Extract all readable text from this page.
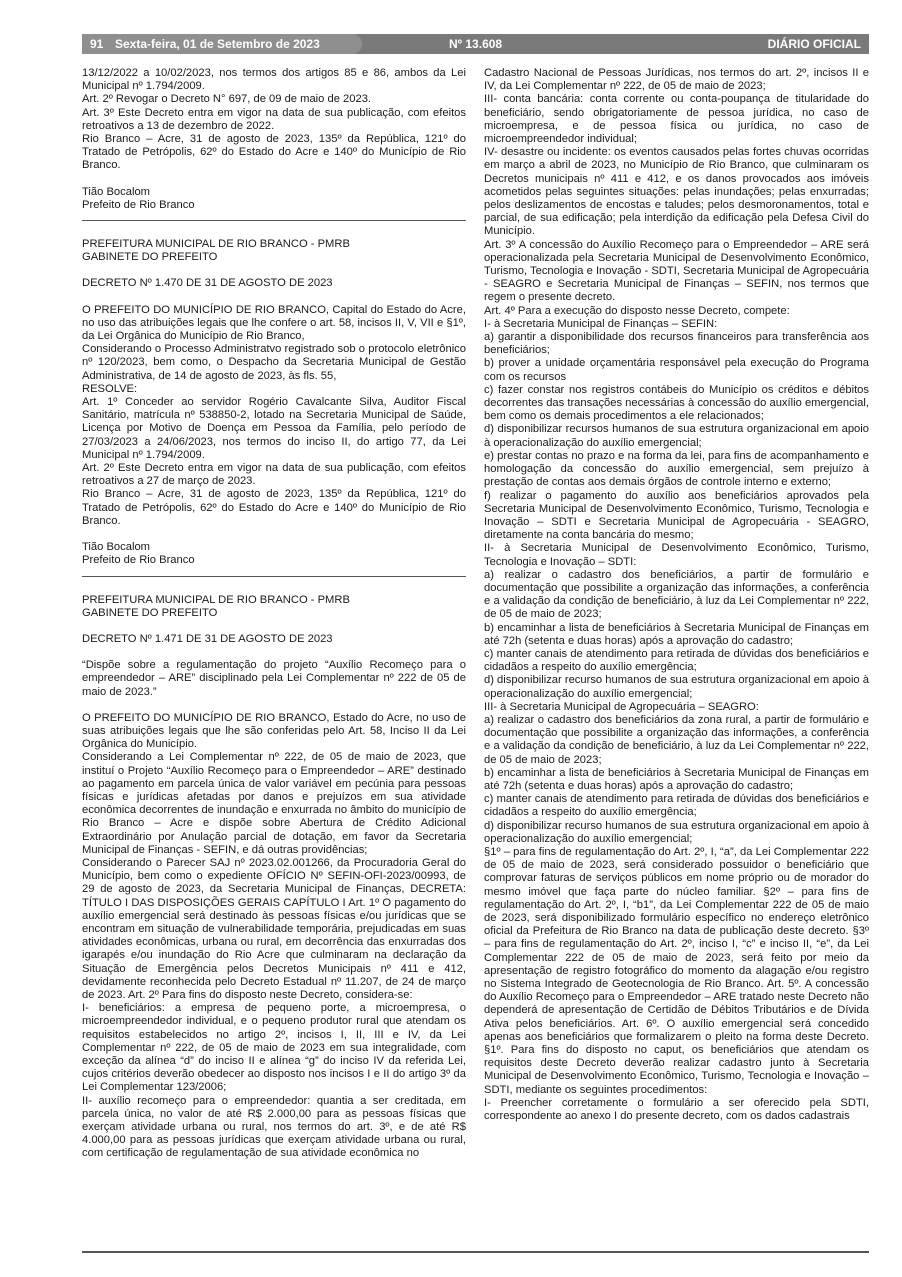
91 Sexta-feira, 01 de Setembro de 2023	Nº 13.608	DIÁRIO OFICIAL

13/12/2022 a 10/02/2023, nos termos dos artigos 85 e 86, ambos da Lei Municipal nº 1.794/2009.

Art. 2º Revogar o Decreto N° 697, de 09 de maio de 2023.

Art. 3º Este Decreto entra em vigor na data de sua publicação, com efeitos retroativos a 13 de dezembro de 2022.

Rio Branco – Acre, 31 de agosto de 2023, 135º da República, 121º do Tratado de Petrópolis, 62º do Estado do Acre e 140º do Município de Rio Branco.

Tião Bocalom

Prefeito de Rio Branco

PREFEITURA MUNICIPAL DE RIO BRANCO - PMRB

GABINETE DO PREFEITO

DECRETO Nº 1.470 DE 31 DE AGOSTO DE 2023

O PREFEITO DO MUNICÍPIO DE RIO BRANCO, Capital do Estado do Acre, no uso das atribuições legais que lhe confere o art. 58, incisos II, V, VII e §1º, da Lei Orgânica do Município de Rio Branco,

Considerando o Processo Administratvo registrado sob o protocolo eletrônico nº 120/2023, bem como, o Despacho da Secretaria Municipal de Gestão Administrativa, de 14 de agosto de 2023, às fls. 55,

RESOLVE:

Art. 1º Conceder ao servidor Rogério Cavalcante Silva, Auditor Fiscal Sanitário, matrícula nº 538850-2, lotado na Secretaria Municipal de Saúde, Licença por Motivo de Doença em Pessoa da Família, pelo período de 27/03/2023 a 24/06/2023, nos termos do inciso II, do artigo 77, da Lei Municipal nº 1.794/2009.

Art. 2º Este Decreto entra em vigor na data de sua publicação, com efeitos retroativos a 27 de março de 2023.

Rio Branco – Acre, 31 de agosto de 2023, 135º da República, 121º do Tratado de Petrópolis, 62º do Estado do Acre e 140º do Município de Rio Branco.

Tião Bocalom

Prefeito de Rio Branco

PREFEITURA MUNICIPAL DE RIO BRANCO - PMRB

GABINETE DO PREFEITO

DECRETO Nº 1.471 DE 31 DE AGOSTO DE 2023

“Dispõe sobre a regulamentação do projeto “Auxílio Recomeço para o empreendedor – ARE” disciplinado pela Lei Complementar nº 222 de 05 de maio de 2023.”

O PREFEITO DO MUNICÍPIO DE RIO BRANCO, Estado do Acre, no uso de suas atribuições legais que lhe são conferidas pelo Art. 58, Inciso II da Lei Orgânica do Município.

Considerando a Lei Complementar nº 222, de 05 de maio de 2023, que instituí o Projeto “Auxílio Recomeço para o Empreendedor – ARE” destinado ao pagamento em parcela única de valor variável em pecúnia para pessoas físicas e jurídicas afetadas por danos e prejuízos em sua atividade econômica decorrentes de inundação e enxurrada no âmbito do município de Rio Branco – Acre e dispõe sobre Abertura de Crédito Adicional Extraordinário por Anulação parcial de dotação, em favor da Secretaria Municipal de Finanças - SEFIN, e dá outras providências;

Considerando o Parecer SAJ nº 2023.02.001266, da Procuradoria Geral do Município, bem como o expediente OFÍCIO Nº SEFIN-OFI-2023/00993, de 29 de agosto de 2023, da Secretaria Municipal de Finanças, DECRETA: TÍTULO I DAS DISPOSIÇÕES GERAIS CAPÍTULO I Art. 1º O pagamento do auxílio emergencial será destinado às pessoas físicas e/ou jurídicas que se encontram em situação de vulnerabilidade temporária, prejudicadas em suas atividades econômicas, urbana ou rural, em decorrência das enxurradas dos igarapés e/ou inundação do Rio Acre que culminaram na declaração da Situação de Emergência pelos Decretos Municipais nº 411 e 412, devidamente reconhecida pelo Decreto Estadual nº 11.207, de 24 de março de 2023. Art. 2º Para fins do disposto neste Decreto, considera-se:

I- beneficiários: a empresa de pequeno porte, a microempresa, o microempreendedor individual, e o pequeno produtor rural que atendam os requisitos estabelecidos no artigo 2º, incisos I, II, III e IV, da Lei Complementar nº 222, de 05 de maio de 2023 em sua integralidade, com exceção da alínea “d” do inciso II e alínea “g” do inciso IV da referida Lei, cujos critérios deverão obedecer ao disposto nos incisos I e II do artigo 3º da Lei Complementar 123/2006;

II- auxílio recomeço para o empreendedor: quantia a ser creditada, em parcela única, no valor de até R$ 2.000,00 para as pessoas físicas que exerçam atividade urbana ou rural, nos termos do art. 3º, e de até R$ 4.000,00 para as pessoas jurídicas que exerçam atividade urbana ou rural, com certificação de regulamentação de sua atividade econômica no

Cadastro Nacional de Pessoas Jurídicas, nos termos do art. 2º, incisos II e IV, da Lei Complementar nº 222, de 05 de maio de 2023;

III- conta bancária: conta corrente ou conta-poupança de titularidade do beneficiário, sendo obrigatoriamente de pessoa jurídica, no caso de microempresa, e de pessoa física ou jurídica, no caso de microempreendedor individual;

IV- desastre ou incidente: os eventos causados pelas fortes chuvas ocorridas em março a abril de 2023, no Município de Rio Branco, que culminaram os Decretos municipais nº 411 e 412, e os danos provocados aos imóveis acometidos pelas seguintes situações: pelas inundações; pelas enxurradas; pelos deslizamentos de encostas e taludes; pelos desmoronamentos, total e parcial, de sua edificação; pela interdição da edificação pela Defesa Civil do Município.

Art. 3º A concessão do Auxílio Recomeço para o Empreendedor – ARE será operacionalizada pela Secretaria Municipal de Desenvolvimento Econômico, Turismo, Tecnologia e Inovação - SDTI, Secretaria Municipal de Agropecuária - SEAGRO e Secretaria Municipal de Finanças – SEFIN, nos termos que regem o presente decreto.

Art. 4º Para a execução do disposto nesse Decreto, compete:

I- à Secretaria Municipal de Finanças – SEFIN:

a) garantir a disponibilidade dos recursos financeiros para transferência aos beneficiários;

b) prover a unidade orçamentária responsável pela execução do Programa com os recursos

c) fazer constar nos registros contábeis do Município os créditos e débitos decorrentes das transações necessárias à concessão do auxílio emergencial, bem como os demais procedimentos a ele relacionados;

d) disponibilizar recursos humanos de sua estrutura organizacional em apoio à operacionalização do auxílio emergencial;

e) prestar contas no prazo e na forma da lei, para fins de acompanhamento e homologação da concessão do auxílio emergencial, sem prejuízo à prestação de contas aos demais órgãos de controle interno e externo;

f) realizar o pagamento do auxílio aos beneficiários aprovados pela Secretaria Municipal de Desenvolvimento Econômico, Turismo, Tecnologia e Inovação – SDTI e Secretaria Municipal de Agropecuária - SEAGRO, diretamente na conta bancária do mesmo;

II- à Secretaria Municipal de Desenvolvimento Econômico, Turismo, Tecnologia e Inovação – SDTI:

a) realizar o cadastro dos beneficiários, a partir de formulário e documentação que possibilite a organização das informações, a conferência e a validação da condição de beneficiário, à luz da Lei Complementar nº 222, de 05 de maio de 2023;

b) encaminhar a lista de beneficiários à Secretaria Municipal de Finanças em até 72h (setenta e duas horas) após a aprovação do cadastro;

c) manter canais de atendimento para retirada de dúvidas dos beneficiários e cidadãos a respeito do auxílio emergência;

d) disponibilizar recurso humanos de sua estrutura organizacional em apoio à operacionalização do auxílio emergencial;

III- à Secretaria Municipal de Agropecuária – SEAGRO:

a) realizar o cadastro dos beneficiários da zona rural, a partir de formulário e documentação que possibilite a organização das informações, a conferência e a validação da condição de beneficiário, à luz da Lei Complementar nº 222, de 05 de maio de 2023;

b) encaminhar a lista de beneficiários à Secretaria Municipal de Finanças em até 72h (setenta e duas horas) após a aprovação do cadastro;

c) manter canais de atendimento para retirada de dúvidas dos beneficiários e cidadãos a respeito do auxílio emergência;

d) disponibilizar recurso humanos de sua estrutura organizacional em apoio à operacionalização do auxílio emergencial;

§1º – para fins de regulamentação do Art. 2º, I, “a”, da Lei Complementar 222 de 05 de maio de 2023, será considerado possuidor o beneficiário que comprovar faturas de serviços públicos em nome próprio ou de morador do mesmo imóvel que faça parte do núcleo familiar. §2º – para fins de regulamentação do Art. 2º, I, “b1”, da Lei Complementar 222 de 05 de maio de 2023, será disponibilizado formulário específico no endereço eletrônico oficial da Prefeitura de Rio Branco na data de publicação deste decreto. §3º – para fins de regulamentação do Art. 2º, inciso I, “c” e inciso II, “e”, da Lei Complementar 222 de 05 de maio de 2023, será feito por meio da apresentação de registro fotográfico do momento da alagação e/ou registro no Sistema Integrado de Geotecnologia de Rio Branco. Art. 5º. A concessão do Auxílio Recomeço para o Empreendedor – ARE tratado neste Decreto não dependerá de apresentação de Certidão de Débitos Tributários e de Dívida Ativa pelos beneficiários. Art. 6º. O auxílio emergencial será concedido apenas aos beneficiários que formalizarem o pleito na forma deste Decreto. §1º. Para fins do disposto no caput, os beneficiários que atendam os requisitos deste Decreto deverão realizar cadastro junto à Secretaria Municipal de Desenvolvimento Econômico, Turismo, Tecnologia e Inovação – SDTI, mediante os seguintes procedimentos:

I- Preencher corretamente o formulário a ser oferecido pela SDTI, correspondente ao anexo I do presente decreto, com os dados cadastrais
